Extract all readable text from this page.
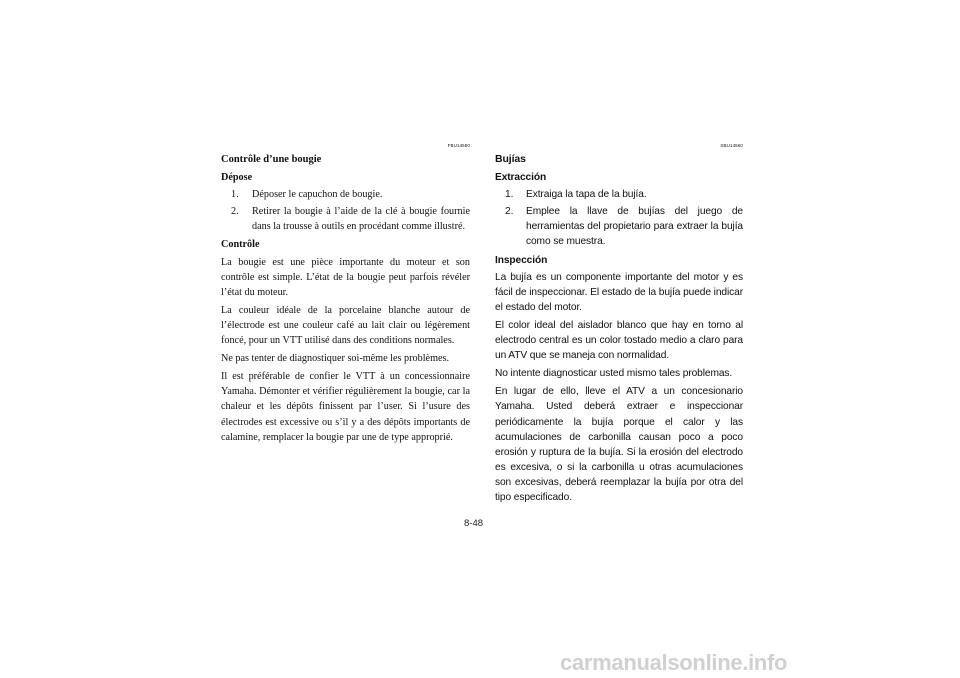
FBU14550
Contrôle d’une bougie
Dépose
1. Déposer le capuchon de bougie.
2. Retirer la bougie à l’aide de la clé à bougie fournie dans la trousse à outils en procédant comme illustré.
Contrôle

La bougie est une pièce importante du moteur et son contrôle est simple. L’état de la bougie peut parfois révéler l’état du moteur.

La couleur idéale de la porcelaine blanche autour de l’électrode est une couleur café au lait clair ou légèrement foncé, pour un VTT utilisé dans des conditions normales.

Ne pas tenter de diagnostiquer soi-même les problèmes.

Il est préférable de confier le VTT à un concessionnaire Yamaha. Démonter et vérifier régulièrement la bougie, car la chaleur et les dépôts finissent par l’user. Si l’usure des électrodes est excessive ou s’il y a des dépôts importants de calamine, remplacer la bougie par une de type approprié.

SBU14560
Bujías
Extracción
1. Extraiga la tapa de la bujía.
2. Emplee la llave de bujías del juego de herramientas del propietario para extraer la bujía como se muestra.
Inspección

La bujía es un componente importante del motor y es fácil de inspeccionar. El estado de la bujía puede indicar el estado del motor.

El color ideal del aislador blanco que hay en torno al electrodo central es un color tostado medio a claro para un ATV que se maneja con normalidad.

No intente diagnosticar usted mismo tales problemas.

En lugar de ello, lleve el ATV a un concesionario Yamaha. Usted deberá extraer e inspeccionar periódicamente la bujía porque el calor y las acumulaciones de carbonilla causan poco a poco erosión y ruptura de la bujía. Si la erosión del electrodo es excesiva, o si la carbonilla u otras acumulaciones son excesivas, deberá reemplazar la bujía por otra del tipo especificado.

8-48
carmanualsonline.info
